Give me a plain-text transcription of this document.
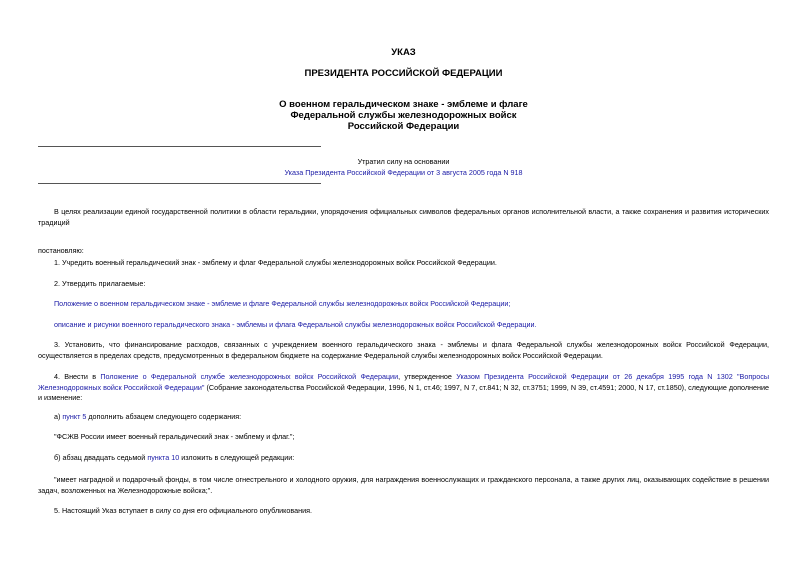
УКАЗ
ПРЕЗИДЕНТА РОССИЙСКОЙ ФЕДЕРАЦИИ
О военном геральдическом знаке - эмблеме и флаге
Федеральной службы железнодорожных войск
Российской Федерации
Утратил силу на основании
Указа Президента Российской Федерации от 3 августа 2005 года N 918
В целях реализации единой государственной политики в области геральдики, упорядочения официальных символов федеральных органов исполнительной власти, а также сохранения и развития исторических традиций
постановляю:
1. Учредить военный геральдический знак - эмблему и флаг Федеральной службы железнодорожных войск Российской Федерации.
2. Утвердить прилагаемые:
Положение о военном геральдическом знаке - эмблеме и флаге Федеральной службы железнодорожных войск Российской Федерации;
описание и рисунки военного геральдического знака - эмблемы и флага Федеральной службы железнодорожных войск Российской Федерации.
3. Установить, что финансирование расходов, связанных с учреждением военного геральдического знака - эмблемы и флага Федеральной службы железнодорожных войск Российской Федерации, осуществляется в пределах средств, предусмотренных в федеральном бюджете на содержание Федеральной службы железнодорожных войск Российской Федерации.
4. Внести в Положение о Федеральной службе железнодорожных войск Российской Федерации, утвержденное Указом Президента Российской Федерации от 26 декабря 1995 года N 1302 "Вопросы Железнодорожных войск Российской Федерации" (Собрание законодательства Российской Федерации, 1996, N 1, ст.46; 1997, N 7, ст.841; N 32, ст.3751; 1999, N 39, ст.4591; 2000, N 17, ст.1850), следующие дополнение и изменение:
а) пункт 5 дополнить абзацем следующего содержания:
"ФСЖВ России имеет военный геральдический знак - эмблему и флаг.";
б) абзац двадцать седьмой пункта 10 изложить в следующей редакции:
"имеет наградной и подарочный фонды, в том числе огнестрельного и холодного оружия, для награждения военнослужащих и гражданского персонала, а также других лиц, оказывающих содействие в решении задач, возложенных на Железнодорожные войска;".
5. Настоящий Указ вступает в силу со дня его официального опубликования.
